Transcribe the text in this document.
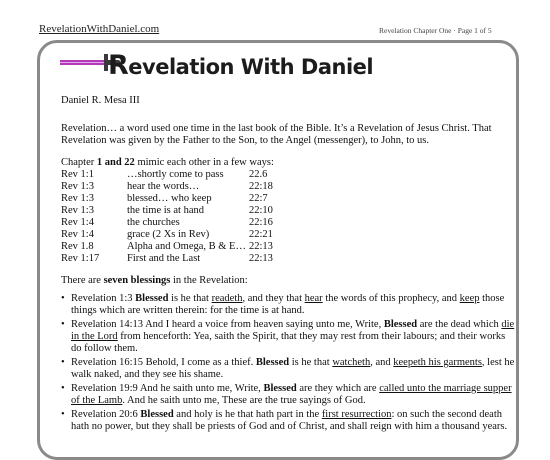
RevelationWithDaniel.com	Revelation Chapter One · Page 1 of 5
Revelation With Daniel

Daniel R. Mesa III

Revelation… a word used one time in the last book of the Bible. It’s a Revelation of Jesus Christ. That Revelation was given by the Father to the Son, to the Angel (messenger), to John, to us.

Chapter 1 and 22 mimic each other in a few ways:

Rev 1:1	…shortly come to pass	22.6
Rev 1:3	hear the words…	22:18
Rev 1:3	blessed… who keep	22:7
Rev 1:3	the time is at hand	22:10
Rev 1:4	the churches	22:16
Rev 1:4	grace (2 Xs in Rev)	22:21
Rev 1.8	Alpha and Omega, B & E… 22:13
Rev 1:17	First and the Last	22:13

There are seven blessings in the Revelation:

• Revelation 1:3 Blessed is he that readeth, and they that hear the words of this prophecy, and keep those things which are written therein: for the time is at hand.
• Revelation 14:13 And I heard a voice from heaven saying unto me, Write, Blessed are the dead which die in the Lord from henceforth: Yea, saith the Spirit, that they may rest from their labours; and their works do follow them.
• Revelation 16:15 Behold, I come as a thief. Blessed is he that watcheth, and keepeth his garments, lest he walk naked, and they see his shame.
• Revelation 19:9 And he saith unto me, Write, Blessed are they which are called unto the marriage supper of the Lamb. And he saith unto me, These are the true sayings of God.
• Revelation 20:6 Blessed and holy is he that hath part in the first resurrection: on such the second death hath no power, but they shall be priests of God and of Christ, and shall reign with him a thousand years.
